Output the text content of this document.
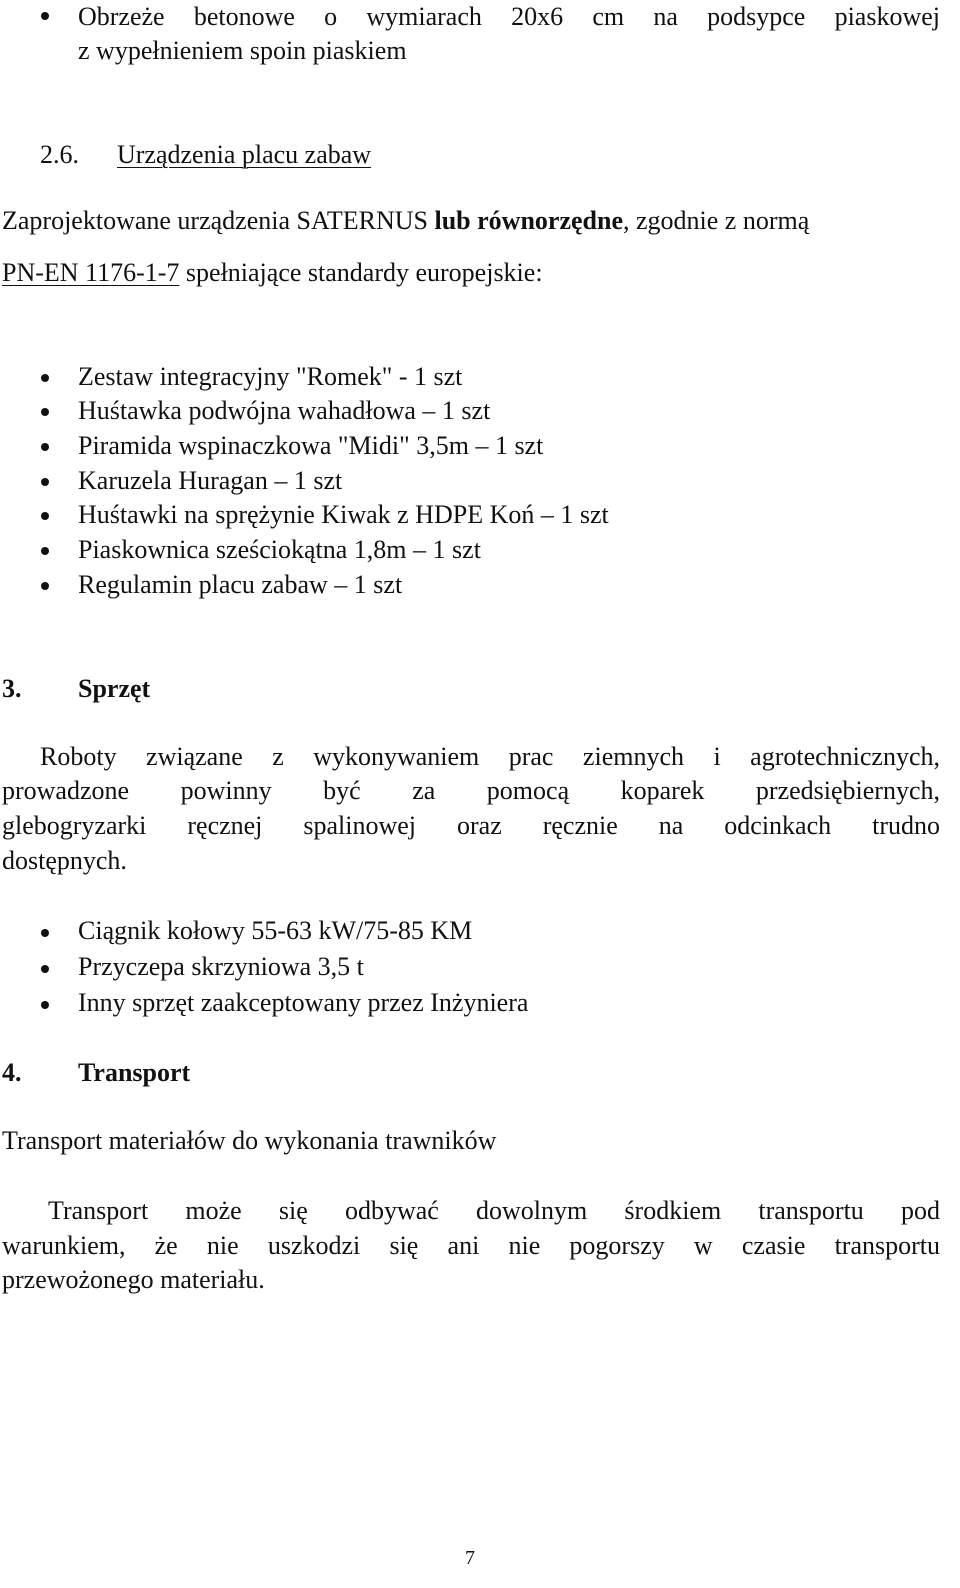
Obrzeże betonowe o wymiarach 20x6 cm na podsypce piaskowej
z wypełnieniem spoin piaskiem
2.6. Urządzenia placu zabaw
Zaprojektowane urządzenia SATERNUS lub równorzędne, zgodnie z normą
PN-EN 1176-1-7 spełniające standardy europejskie:
Zestaw integracyjny "Romek" - 1 szt
Huśtawka podwójna wahadłowa – 1 szt
Piramida wspinaczkowa "Midi" 3,5m – 1 szt
Karuzela Huragan – 1 szt
Huśtawki na sprężynie Kiwak z HDPE Koń – 1 szt
Piaskownica sześciokątna 1,8m – 1 szt
Regulamin placu zabaw – 1 szt
3. Sprzęt
Roboty związane z wykonywaniem prac ziemnych i agrotechnicznych,
prowadzone powinny być za pomocą koparek przedsiębiernych,
glebogryzarki ręcznej spalinowej oraz ręcznie na odcinkach trudno
dostępnych.
Ciągnik kołowy 55-63 kW/75-85 KM
Przyczepa skrzyniowa 3,5 t
Inny sprzęt zaakceptowany przez Inżyniera
4. Transport
Transport materiałów do wykonania trawników
Transport może się odbywać dowolnym środkiem transportu pod
warunkiem, że nie uszkodzi się ani nie pogorszy w czasie transportu
przewożonego materiału.
7
